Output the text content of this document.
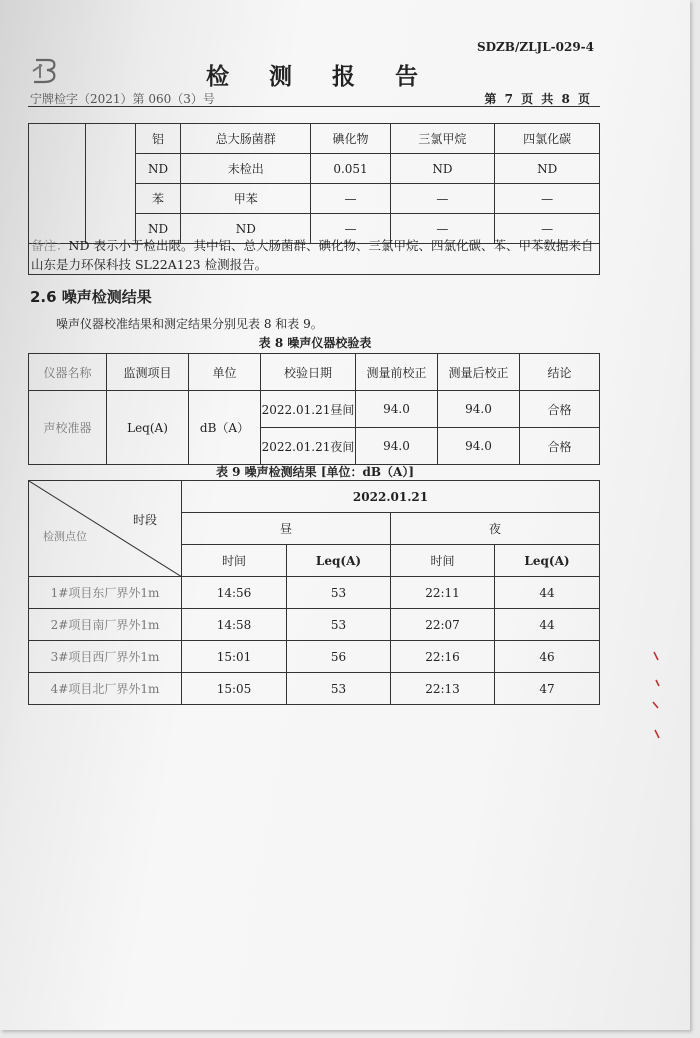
SDZB/ZLJL-029-4
检 测 报 告
宁牌检字（2021）第 060（3）号	第 7 页 共 8 页
		铝	总大肠菌群	碘化物	三氯甲烷	四氯化碳
		ND	未检出	0.051	ND	ND
		苯	甲苯	—	—	—
		ND	ND	—	—	—
备注：ND 表示小于检出限。其中铝、总大肠菌群、碘化物、三氯甲烷、四氯化碳、苯、甲苯数据来自山东是力环保科技 SL22A123 检测报告。
2.6 噪声检测结果
噪声仪器校准结果和测定结果分别见表 8 和表 9。
表 8 噪声仪器校验表
仪器名称	监测项目	单位	校验日期	测量前校正	测量后校正	结论
声校准器	Leq(A)	dB（A）	2022.01.21昼间	94.0	94.0	合格
			2022.01.21夜间	94.0	94.0	合格
表 9 噪声检测结果 [单位：dB（A）]
时段
检测点位	2022.01.21			
	昼		夜	
	时间	Leq(A)	时间	Leq(A)
1#项目东厂界外1m	14:56	53	22:11	44
2#项目南厂界外1m	14:58	53	22:07	44
3#项目西厂界外1m	15:01	56	22:16	46
4#项目北厂界外1m	15:05	53	22:13	47
